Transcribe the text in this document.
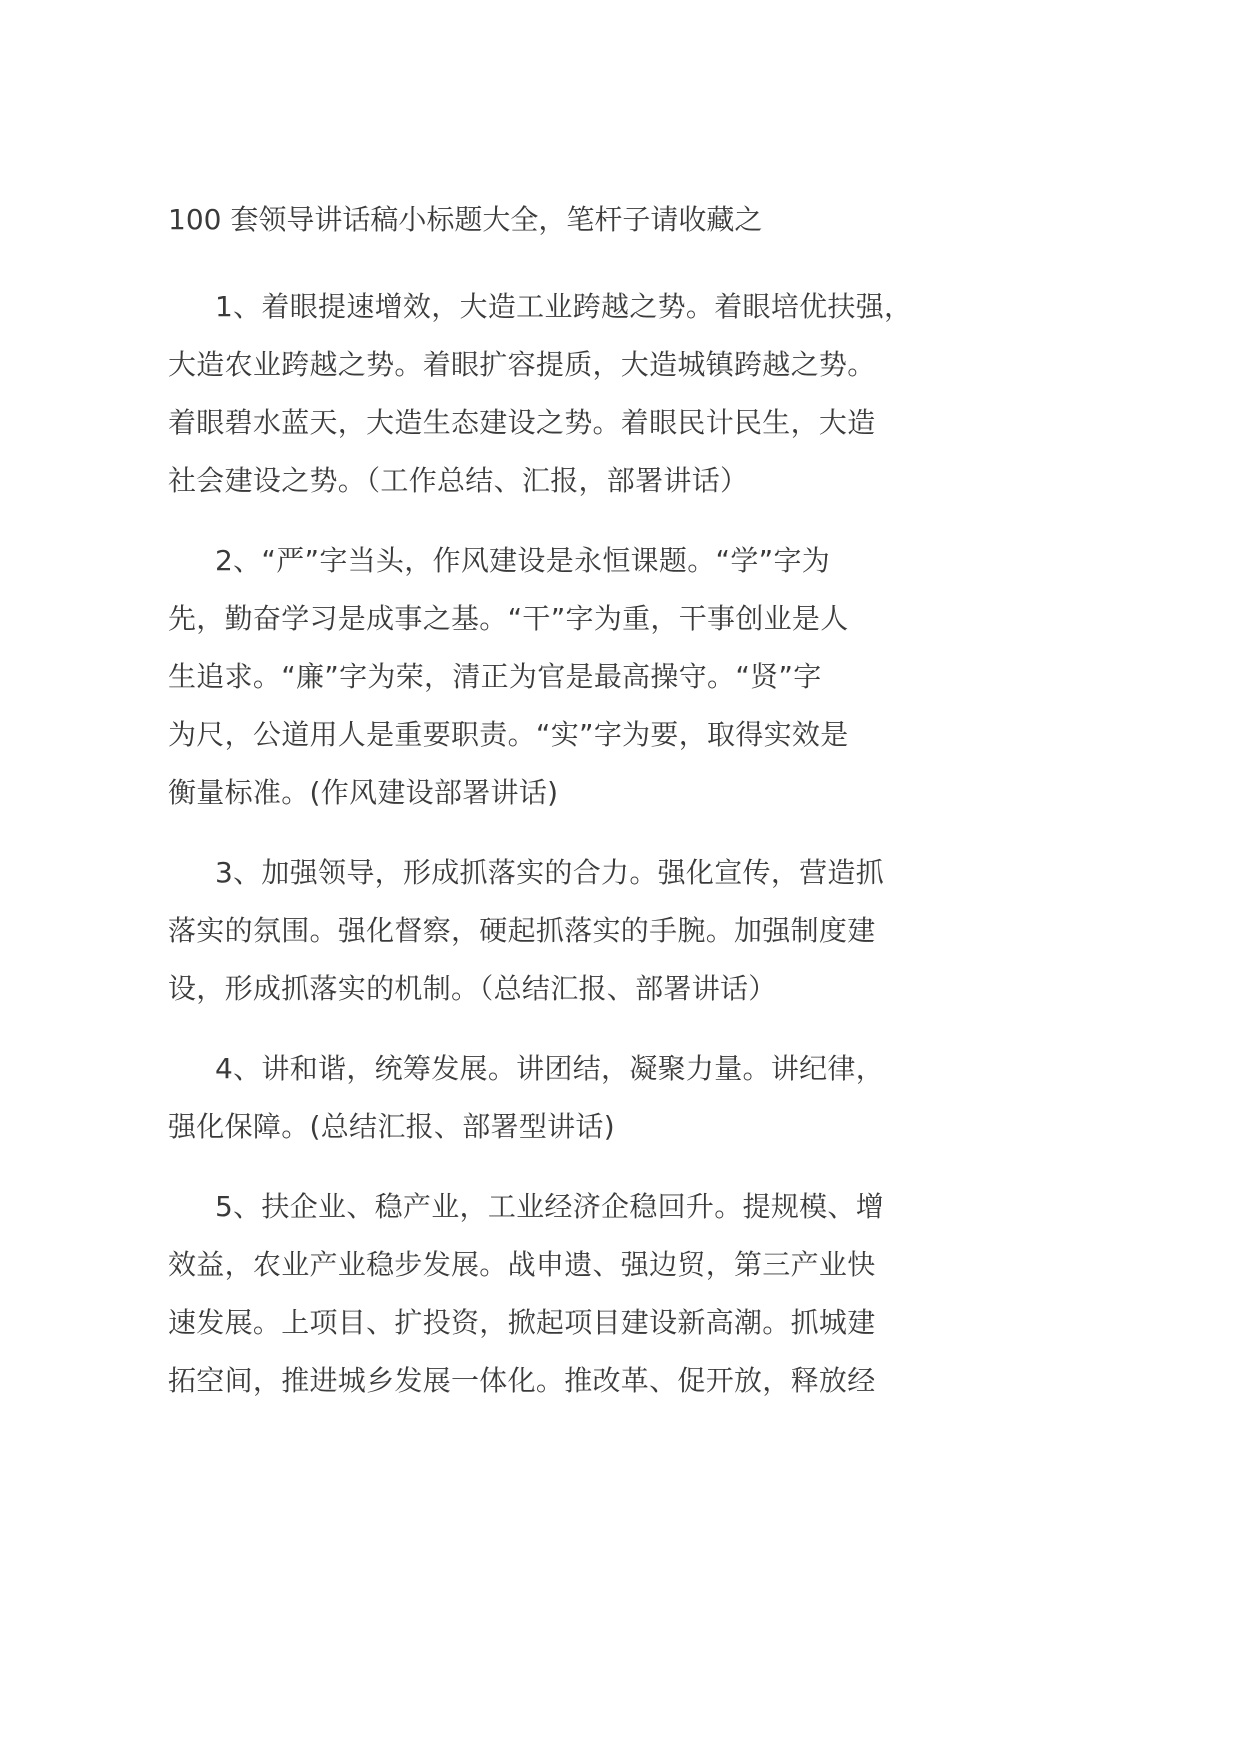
100 套领导讲话稿小标题大全，笔杆子请收藏之
1、着眼提速增效，大造工业跨越之势。着眼培优扶强，
大造农业跨越之势。着眼扩容提质，大造城镇跨越之势。
着眼碧水蓝天，大造生态建设之势。着眼民计民生，大造
社会建设之势。（工作总结、汇报，部署讲话）
2、“严”字当头，作风建设是永恒课题。“学”字为
先，勤奋学习是成事之基。“干”字为重，干事创业是人
生追求。“廉”字为荣，清正为官是最高操守。“贤”字
为尺，公道用人是重要职责。“实”字为要，取得实效是
衡量标准。(作风建设部署讲话)
3、加强领导，形成抓落实的合力。强化宣传，营造抓
落实的氛围。强化督察，硬起抓落实的手腕。加强制度建
设，形成抓落实的机制。（总结汇报、部署讲话）
4、讲和谐，统筹发展。讲团结，凝聚力量。讲纪律，
强化保障。(总结汇报、部署型讲话)
5、扶企业、稳产业，工业经济企稳回升。提规模、增
效益，农业产业稳步发展。战申遗、强边贸，第三产业快
速发展。上项目、扩投资，掀起项目建设新高潮。抓城建
拓空间，推进城乡发展一体化。推改革、促开放，释放经
